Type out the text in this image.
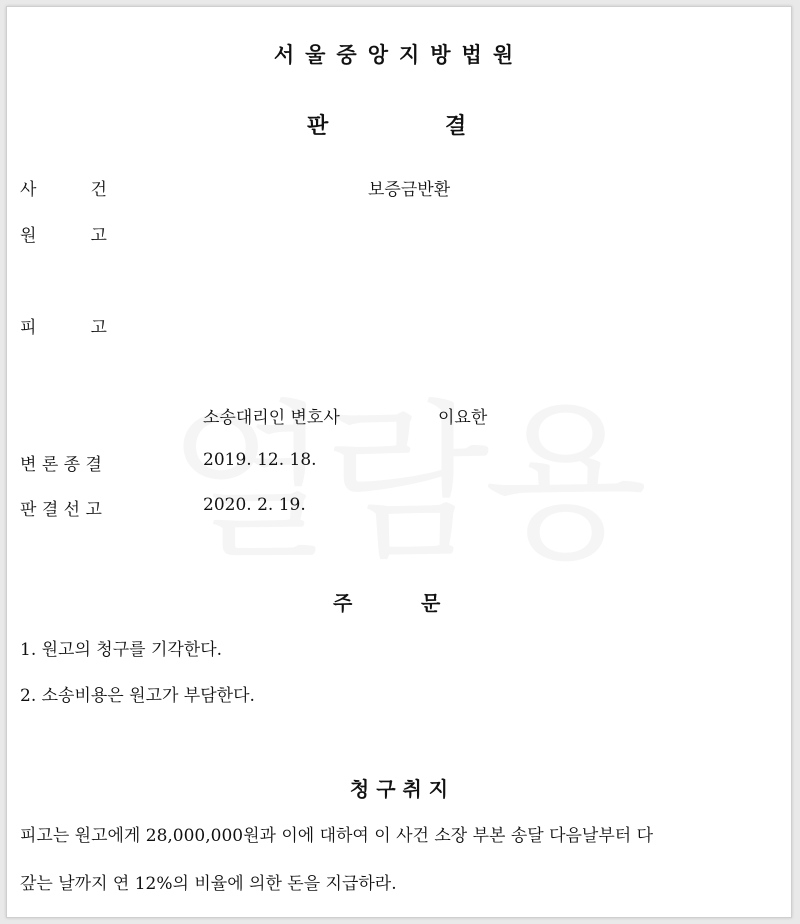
서울중앙지방법원
판	결
사          건	보증금반환
원          고
피          고
소송대리인 변호사	이요한
변 론 종 결	2019. 12. 18.
판 결 선 고	2020. 2. 19.
주	문
1. 원고의 청구를 기각한다.
2. 소송비용은 원고가 부담한다.
청 구 취 지
피고는 원고에게 28,000,000원과 이에 대하여 이 사건 소장 부본 송달 다음날부터 다
갚는 날까지 연 12%의 비율에 의한 돈을 지급하라.
